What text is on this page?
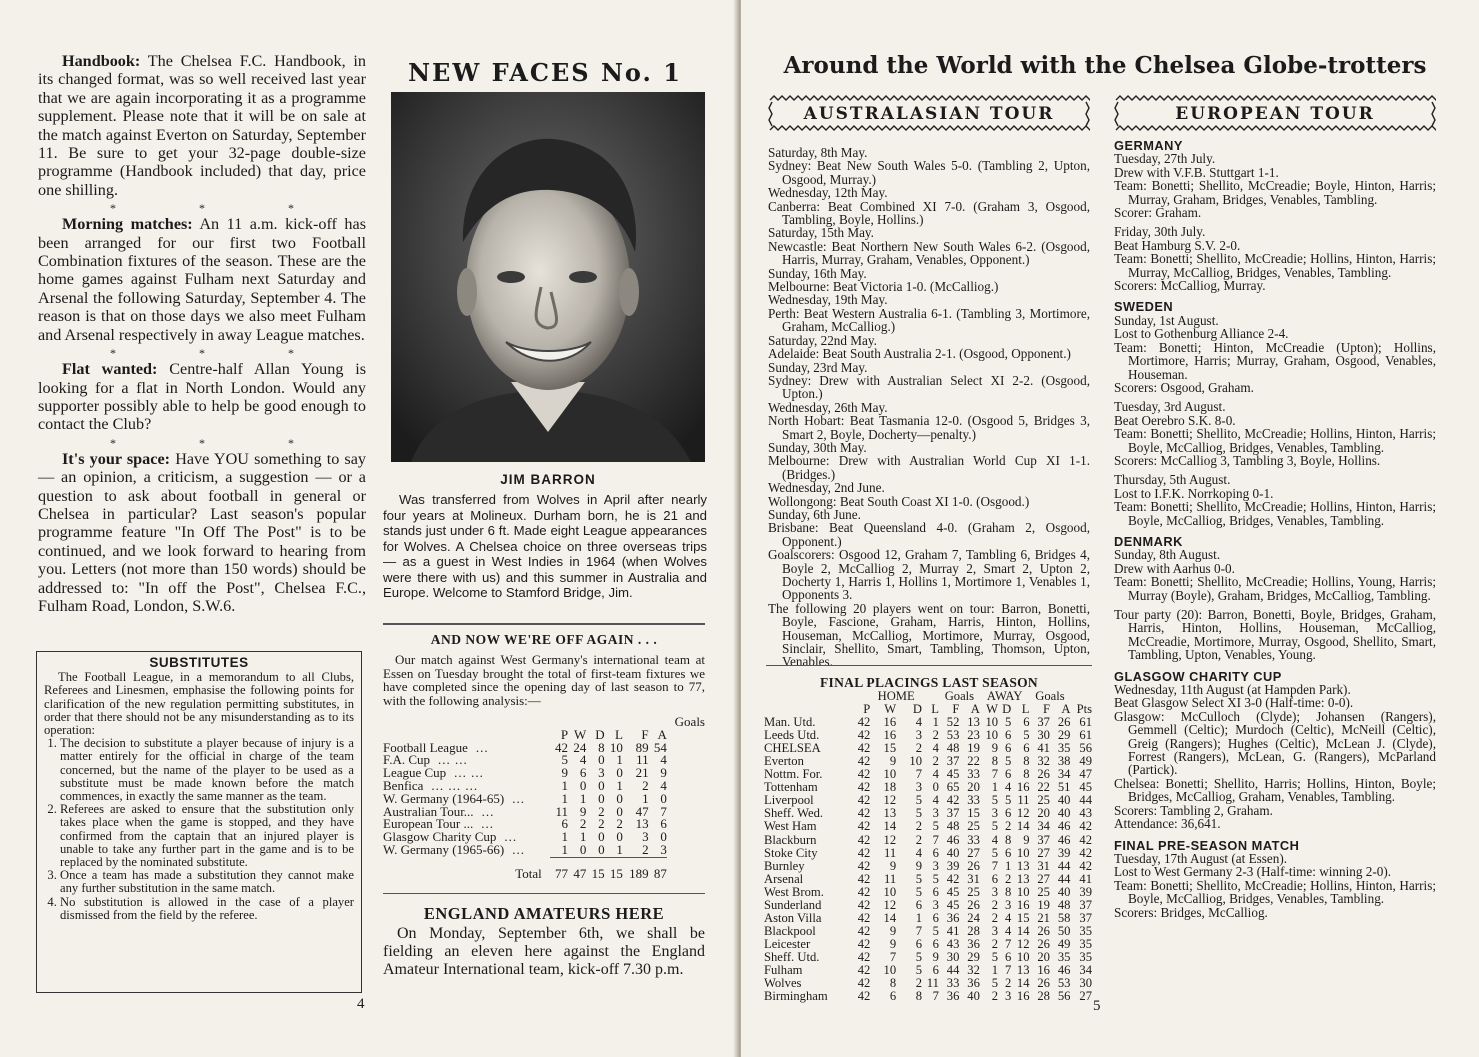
Handbook: The Chelsea F.C. Handbook, in its changed format, was so well received last year that we are again incorporating it as a programme supplement. Please note that it will be on sale at the match against Everton on Saturday, September 11. Be sure to get your 32-page double-size programme (Handbook included) that day, price one shilling.

* * *

Morning matches: An 11 a.m. kick-off has been arranged for our first two Football Combination fixtures of the season. These are the home games against Fulham next Saturday and Arsenal the following Saturday, September 4. The reason is that on those days we also meet Fulham and Arsenal respectively in away League matches.

* * *

Flat wanted: Centre-half Allan Young is looking for a flat in North London. Would any supporter possibly able to help be good enough to contact the Club?

* * *

It's your space: Have YOU something to say — an opinion, a criticism, a suggestion — or a question to ask about football in general or Chelsea in particular? Last season's popular programme feature "In Off The Post" is to be continued, and we look forward to hearing from you. Letters (not more than 150 words) should be addressed to: "In off the Post", Chelsea F.C., Fulham Road, London, S.W.6.

SUBSTITUTES

The Football League, in a memorandum to all Clubs, Referees and Linesmen, emphasise the following points for clarification of the new regulation permitting substitutes, in order that there should not be any misunderstanding as to its operation:

1. The decision to substitute a player because of injury is a matter entirely for the official in charge of the team concerned, but the name of the player to be used as a substitute must be made known before the match commences, in exactly the same manner as the team.
2. Referees are asked to ensure that the substitution only takes place when the game is stopped, and they have confirmed from the captain that an injured player is unable to take any further part in the game and is to be replaced by the nominated substitute.
3. Once a team has made a substitution they cannot make any further substitution in the same match.
4. No substitution is allowed in the case of a player dismissed from the field by the referee.
4
NEW FACES No. 1
JIM BARRON

Was transferred from Wolves in April after nearly four years at Molineux. Durham born, he is 21 and stands just under 6 ft. Made eight League appearances for Wolves. A Chelsea choice on three overseas trips — as a guest in West Indies in 1964 (when Wolves were there with us) and this summer in Australia and Europe. Welcome to Stamford Bridge, Jim.

AND NOW WE'RE OFF AGAIN . . .

Our match against West Germany's international team at Essen on Tuesday brought the total of first-team fixtures we have completed since the opening day of last season to 77, with the following analysis:—

							Goals
	P	W	D	L	F	A	
Football League ...	42	24	8	10	89	54	
F.A. Cup ... ...	5	4	0	1	11	4	
League Cup ... ...	9	6	3	0	21	9	
Benfica ... ... ...	1	0	0	1	2	4	
W. Germany (1964-65) ...	1	1	0	0	1	0	
Australian Tour... ...	11	9	2	0	47	7	
European Tour ... ...	6	2	2	2	13	6	
Glasgow Charity Cup ...	1	1	0	0	3	0	
W. Germany (1965-66) ...	1	0	0	1	2	3	
Total	77	47	15	15	189	87	
ENGLAND AMATEURS HERE

On Monday, September 6th, we shall be fielding an eleven here against the England Amateur International team, kick-off 7.30 p.m.

Around the World with the Chelsea Globe-trotters
AUSTRALASIAN TOUR

Saturday, 8th May.

Sydney: Beat New South Wales 5-0. (Tambling 2, Upton, Osgood, Murray.)

Wednesday, 12th May.

Canberra: Beat Combined XI 7-0. (Graham 3, Osgood, Tambling, Boyle, Hollins.)

Saturday, 15th May.

Newcastle: Beat Northern New South Wales 6-2. (Osgood, Harris, Murray, Graham, Venables, Opponent.)

Sunday, 16th May.

Melbourne: Beat Victoria 1-0. (McCalliog.)

Wednesday, 19th May.

Perth: Beat Western Australia 6-1. (Tambling 3, Mortimore, Graham, McCalliog.)

Saturday, 22nd May.

Adelaide: Beat South Australia 2-1. (Osgood, Opponent.)

Sunday, 23rd May.

Sydney: Drew with Australian Select XI 2-2. (Osgood, Upton.)

Wednesday, 26th May.

North Hobart: Beat Tasmania 12-0. (Osgood 5, Bridges 3, Smart 2, Boyle, Docherty—penalty.)

Sunday, 30th May.

Melbourne: Drew with Australian World Cup XI 1-1. (Bridges.)

Wednesday, 2nd June.

Wollongong: Beat South Coast XI 1-0. (Osgood.)

Sunday, 6th June.

Brisbane: Beat Queensland 4-0. (Graham 2, Osgood, Opponent.)

Goalscorers: Osgood 12, Graham 7, Tambling 6, Bridges 4, Boyle 2, McCalliog 2, Murray 2, Smart 2, Upton 2, Docherty 1, Harris 1, Hollins 1, Mortimore 1, Venables 1, Opponents 3.

The following 20 players went on tour: Barron, Bonetti, Boyle, Fascione, Graham, Harris, Hinton, Hollins, Houseman, McCalliog, Mortimore, Murray, Osgood, Sinclair, Shellito, Smart, Tambling, Thomson, Upton, Venables.

FINAL PLACINGS LAST SEASON
		HOME			Goals		AWAY			Goals		
	P	W	D	L	F	A	W	D	L	F	A	Pts
Man. Utd.	42	16	4	1	52	13	10	5	6	37	26	61
Leeds Utd.	42	16	3	2	53	23	10	6	5	30	29	61
CHELSEA	42	15	2	4	48	19	9	6	6	41	35	56
Everton	42	9	10	2	37	22	8	5	8	32	38	49
Nottm. For.	42	10	7	4	45	33	7	6	8	26	34	47
Tottenham	42	18	3	0	65	20	1	4	16	22	51	45
Liverpool	42	12	5	4	42	33	5	5	11	25	40	44
Sheff. Wed.	42	13	5	3	37	15	3	6	12	20	40	43
West Ham	42	14	2	5	48	25	5	2	14	34	46	42
Blackburn	42	12	2	7	46	33	4	8	9	37	46	42
Stoke City	42	11	4	6	40	27	5	6	10	27	39	42
Burnley	42	9	9	3	39	26	7	1	13	31	44	42
Arsenal	42	11	5	5	42	31	6	2	13	27	44	41
West Brom.	42	10	5	6	45	25	3	8	10	25	40	39
Sunderland	42	12	6	3	45	26	2	3	16	19	48	37
Aston Villa	42	14	1	6	36	24	2	4	15	21	58	37
Blackpool	42	9	7	5	41	28	3	4	14	26	50	35
Leicester	42	9	6	6	43	36	2	7	12	26	49	35
Sheff. Utd.	42	7	5	9	30	29	5	6	10	20	35	35
Fulham	42	10	5	6	44	32	1	7	13	16	46	34
Wolves	42	8	2	11	33	36	5	2	14	26	53	30
Birmingham	42	6	8	7	36	40	2	3	16	28	56	27
EUROPEAN TOUR
GERMANY

Tuesday, 27th July.

Drew with V.F.B. Stuttgart 1-1.

Team: Bonetti; Shellito, McCreadie; Boyle, Hinton, Harris; Murray, Graham, Bridges, Venables, Tambling.

Scorer: Graham.

Friday, 30th July.

Beat Hamburg S.V. 2-0.

Team: Bonetti; Shellito, McCreadie; Hollins, Hinton, Harris; Murray, McCalliog, Bridges, Venables, Tambling.

Scorers: McCalliog, Murray.

SWEDEN

Sunday, 1st August.

Lost to Gothenburg Alliance 2-4.

Team: Bonetti; Hinton, McCreadie (Upton); Hollins, Mortimore, Harris; Murray, Graham, Osgood, Venables, Houseman.

Scorers: Osgood, Graham.

Tuesday, 3rd August.

Beat Oerebro S.K. 8-0.

Team: Bonetti; Shellito, McCreadie; Hollins, Hinton, Harris; Boyle, McCalliog, Bridges, Venables, Tambling.

Scorers: McCalliog 3, Tambling 3, Boyle, Hollins.

Thursday, 5th August.

Lost to I.F.K. Norrkoping 0-1.

Team: Bonetti; Shellito, McCreadie; Hollins, Hinton, Harris; Boyle, McCalliog, Bridges, Venables, Tambling.

DENMARK

Sunday, 8th August.

Drew with Aarhus 0-0.

Team: Bonetti; Shellito, McCreadie; Hollins, Young, Harris; Murray (Boyle), Graham, Bridges, McCalliog, Tambling.

Tour party (20): Barron, Bonetti, Boyle, Bridges, Graham, Harris, Hinton, Hollins, Houseman, McCalliog, McCreadie, Mortimore, Murray, Osgood, Shellito, Smart, Tambling, Upton, Venables, Young.

GLASGOW CHARITY CUP

Wednesday, 11th August (at Hampden Park).

Beat Glasgow Select XI 3-0 (Half-time: 0-0).

Glasgow: McCulloch (Clyde); Johansen (Rangers), Gemmell (Celtic); Murdoch (Celtic), McNeill (Celtic), Greig (Rangers); Hughes (Celtic), McLean J. (Clyde), Forrest (Rangers), McLean, G. (Rangers), McParland (Partick).

Chelsea: Bonetti; Shellito, Harris; Hollins, Hinton, Boyle; Bridges, McCalliog, Graham, Venables, Tambling.

Scorers: Tambling 2, Graham.

Attendance: 36,641.

FINAL PRE-SEASON MATCH

Tuesday, 17th August (at Essen).

Lost to West Germany 2-3 (Half-time: winning 2-0).

Team: Bonetti; Shellito, McCreadie; Hollins, Hinton, Harris; Boyle, McCalliog, Bridges, Venables, Tambling.

Scorers: Bridges, McCalliog.

5
